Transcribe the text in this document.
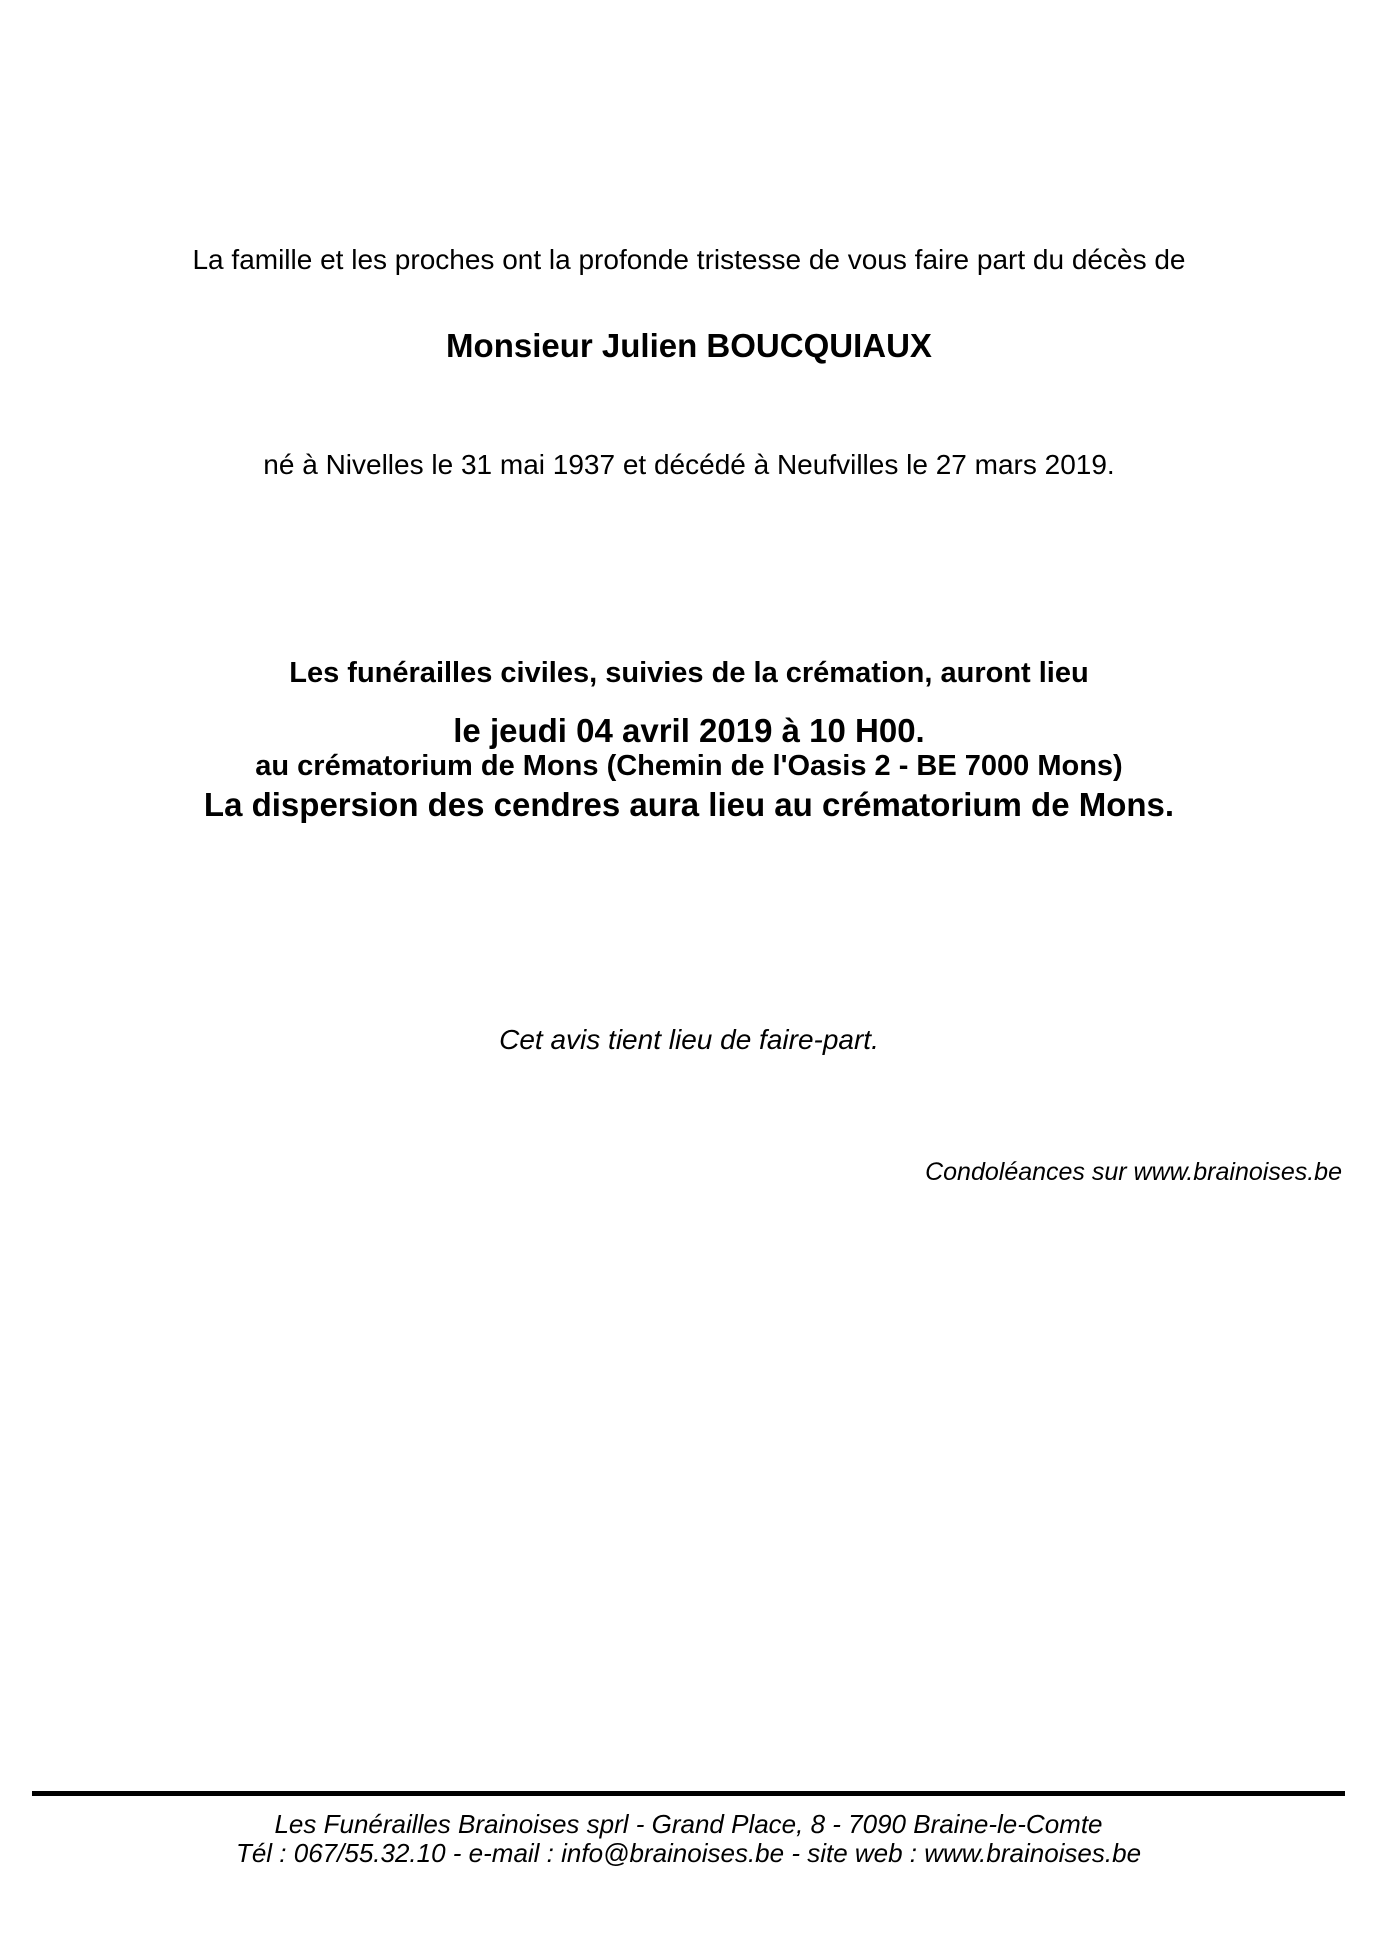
La famille et les proches ont la profonde tristesse de vous faire part du décès de
Monsieur Julien BOUCQUIAUX
né à Nivelles le 31 mai 1937 et décédé à Neufvilles le 27 mars 2019.

Les funérailles civiles, suivies de la crémation, auront lieu

au crématorium de Mons (Chemin de l'Oasis 2 - BE 7000 Mons)

le jeudi 04 avril 2019 à 10 H00.
La dispersion des cendres aura lieu au crématorium de Mons.
Cet avis tient lieu de faire-part.
Condoléances sur www.brainoises.be
Les Funérailles Brainoises sprl - Grand Place, 8 - 7090 Braine-le-Comte
Tél : 067/55.32.10 - e-mail : info@brainoises.be - site web : www.brainoises.be
